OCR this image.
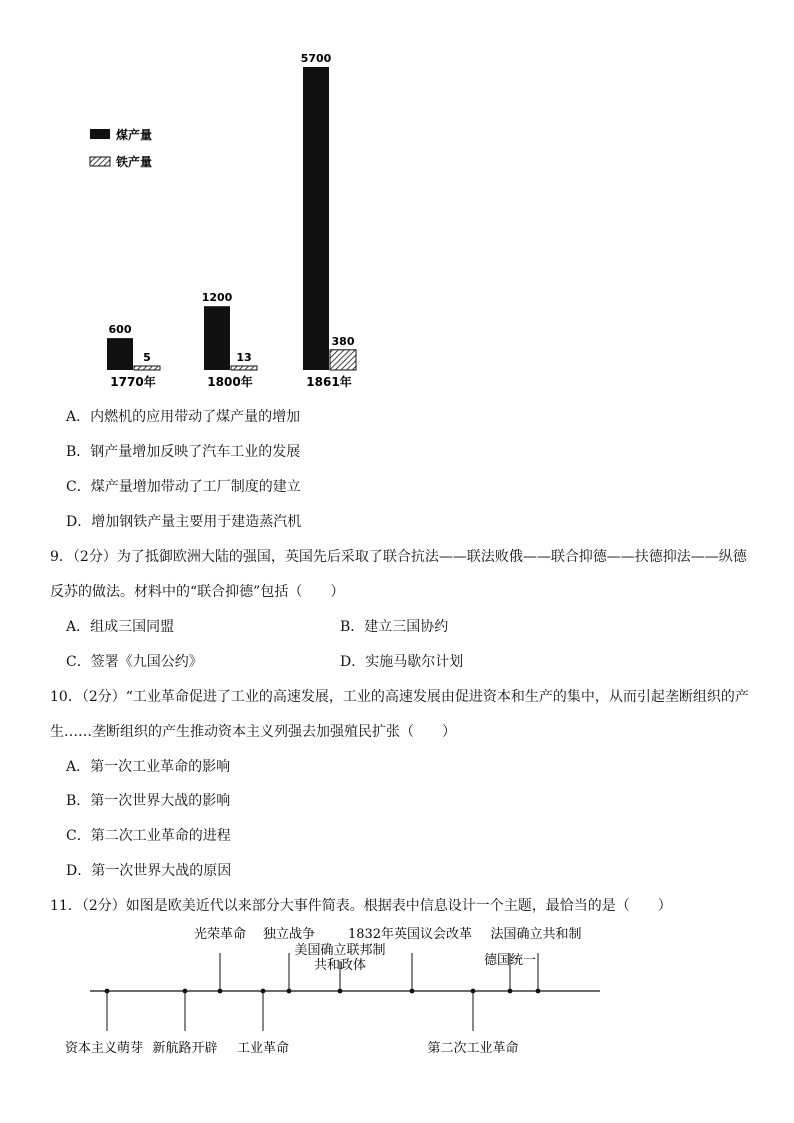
煤产量
铁产量
600
5
1770年
1200
13
1800年
5700
380
1861年
A．内燃机的应用带动了煤产量的增加
B．钢产量增加反映了汽车工业的发展
C．煤产量增加带动了工厂制度的建立
D．增加钢铁产量主要用于建造蒸汽机
9．（2分）为了抵御欧洲大陆的强国，英国先后采取了联合抗法——联法败俄——联合抑德——扶德抑法——纵德
反苏的做法。材料中的“联合抑德”包括（　　）
A．组成三国同盟	B．建立三国协约
C．签署《九国公约》	D．实施马歇尔计划
10．（2分）“工业革命促进了工业的高速发展，工业的高速发展由促进资本和生产的集中，从而引起垄断组织的产
生……垄断组织的产生推动资本主义列强去加强殖民扩张（　　）
A．第一次工业革命的影响
B．第一次世界大战的影响
C．第二次工业革命的进程
D．第一次世界大战的原因
11．（2分）如图是欧美近代以来部分大事件简表。根据表中信息设计一个主题，最恰当的是（　　）
资本主义萌芽 新航路开辟
光荣革命
工业革命
独立战争
美国确立联邦制
共和政体
1832年英国议会改革
第二次工业革命
德国统一
法国确立共和制
